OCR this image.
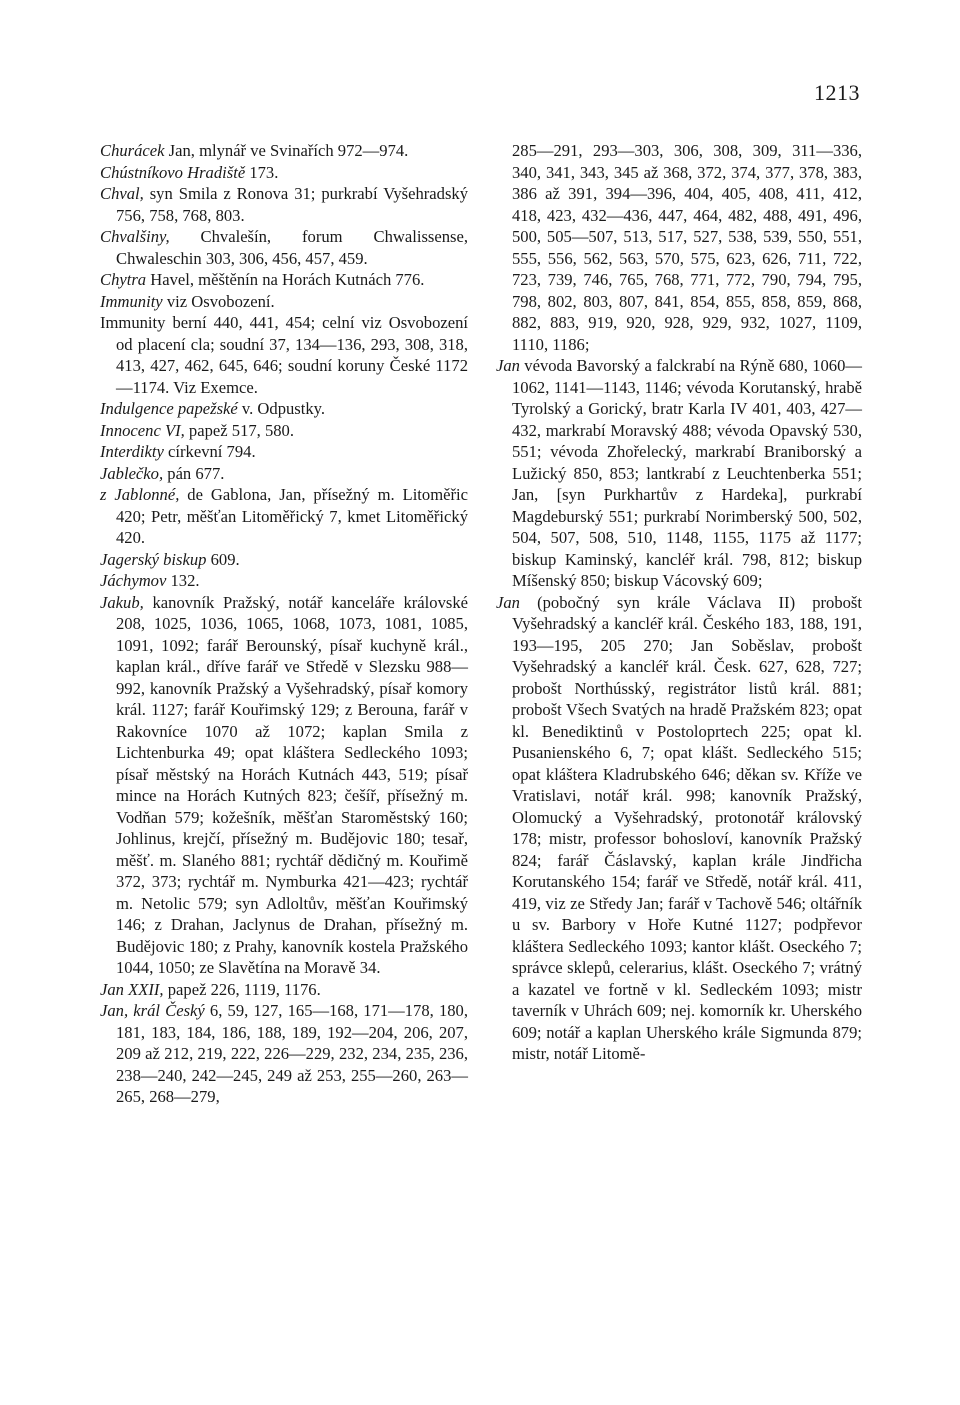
1213

Churácek Jan, mlynář ve Svinařích 972—974.

Chústníkovo Hradiště 173.

Chval, syn Smila z Ronova 31; purkrabí Vyšehradský 756, 758, 768, 803.

Chvalšiny, Chvalešín, forum Chwalissense, Chwaleschin 303, 306, 456, 457, 459.

Chytra Havel, měštěnín na Horách Kutnách 776.

Immunity viz Osvobození.

Immunity berní 440, 441, 454; celní viz Osvobození od placení cla; soudní 37, 134—136, 293, 308, 318, 413, 427, 462, 645, 646; soudní koruny České 1172—1174. Viz Exemce.

Indulgence papežské v. Odpustky.

Innocenc VI, papež 517, 580.

Interdikty církevní 794.

Jablečko, pán 677.

z Jablonné, de Gablona, Jan, přísežný m. Litoměřic 420; Petr, měšťan Litoměřický 7, kmet Litoměřický 420.

Jagerský biskup 609.

Jáchymov 132.

Jakub, kanovník Pražský, notář kanceláře královské 208, 1025, 1036, 1065, 1068, 1073, 1081, 1085, 1091, 1092; farář Berounský, písař kuchyně král., kaplan král., dříve farář ve Středě v Slezsku 988—992, kanovník Pražský a Vyšehradský, písař komory král. 1127; farář Kouřimský 129; z Berouna, farář v Rakovníce 1070 až 1072; kaplan Smila z Lichtenburka 49; opat kláštera Sedleckého 1093; písař městský na Horách Kutnách 443, 519; písař mince na Horách Kutných 823; češíř, přísežný m. Vodňan 579; kožešník, měšťan Staroměstský 160; Johlinus, krejčí, přísežný m. Budějovic 180; tesař, měšť. m. Slaného 881; rychtář dědičný m. Kouřimě 372, 373; rychtář m. Nymburka 421—423; rychtář m. Netolic 579; syn Adloltův, měšťan Kouřimský 146; z Drahan, Jaclynus de Drahan, přísežný m. Budějovic 180; z Prahy, kanovník kostela Pražského 1044, 1050; ze Slavětína na Moravě 34.

Jan XXII, papež 226, 1119, 1176.

Jan, král Český 6, 59, 127, 165—168, 171—178, 180, 181, 183, 184, 186, 188, 189, 192—204, 206, 207, 209 až 212, 219, 222, 226—229, 232, 234, 235, 236, 238—240, 242—245, 249 až 253, 255—260, 263—265, 268—279,

285—291, 293—303, 306, 308, 309, 311—336, 340, 341, 343, 345 až 368, 372, 374, 377, 378, 383, 386 až 391, 394—396, 404, 405, 408, 411, 412, 418, 423, 432—436, 447, 464, 482, 488, 491, 496, 500, 505—507, 513, 517, 527, 538, 539, 550, 551, 555, 556, 562, 563, 570, 575, 623, 626, 711, 722, 723, 739, 746, 765, 768, 771, 772, 790, 794, 795, 798, 802, 803, 807, 841, 854, 855, 858, 859, 868, 882, 883, 919, 920, 928, 929, 932, 1027, 1109, 1110, 1186;

Jan vévoda Bavorský a falckrabí na Rýně 680, 1060—1062, 1141—1143, 1146; vévoda Korutanský, hrabě Tyrolský a Gorický, bratr Karla IV 401, 403, 427—432, markrabí Moravský 488; vévoda Opavský 530, 551; vévoda Zhořelecký, markrabí Braniborský a Lužický 850, 853; lantkrabí z Leuchtenberka 551; Jan, [syn Purkhartův z Hardeka], purkrabí Magdeburský 551; purkrabí Norimberský 500, 502, 504, 507, 508, 510, 1148, 1155, 1175 až 1177; biskup Kaminský, kancléř král. 798, 812; biskup Míšenský 850; biskup Vácovský 609;

Jan (pobočný syn krále Václava II) probošt Vyšehradský a kancléř král. Českého 183, 188, 191, 193—195, 205 270; Jan Soběslav, probošt Vyšehradský a kancléř král. Česk. 627, 628, 727; probošt Northússký, registrátor listů král. 881; probošt Všech Svatých na hradě Pražském 823; opat kl. Benediktinů v Postoloprtech 225; opat kl. Pusanienského 6, 7; opat klášt. Sedleckého 515; opat kláštera Kladrubského 646; děkan sv. Kříže ve Vratislavi, notář král. 998; kanovník Pražský, Olomucký a Vyšehradský, protonotář královský 178; mistr, professor bohosloví, kanovník Pražský 824; farář Čáslavský, kaplan krále Jindřicha Korutanského 154; farář ve Středě, notář král. 411, 419, viz ze Středy Jan; farář v Tachově 546; oltářník u sv. Barbory v Hoře Kutné 1127; podpřevor kláštera Sedleckého 1093; kantor klášt. Oseckého 7; správce sklepů, celerarius, klášt. Oseckého 7; vrátný a kazatel ve fortně v kl. Sedleckém 1093; mistr taverník v Uhrách 609; nej. komorník kr. Uherského 609; notář a kaplan Uherského krále Sigmunda 879; mistr, notář Litomě-
